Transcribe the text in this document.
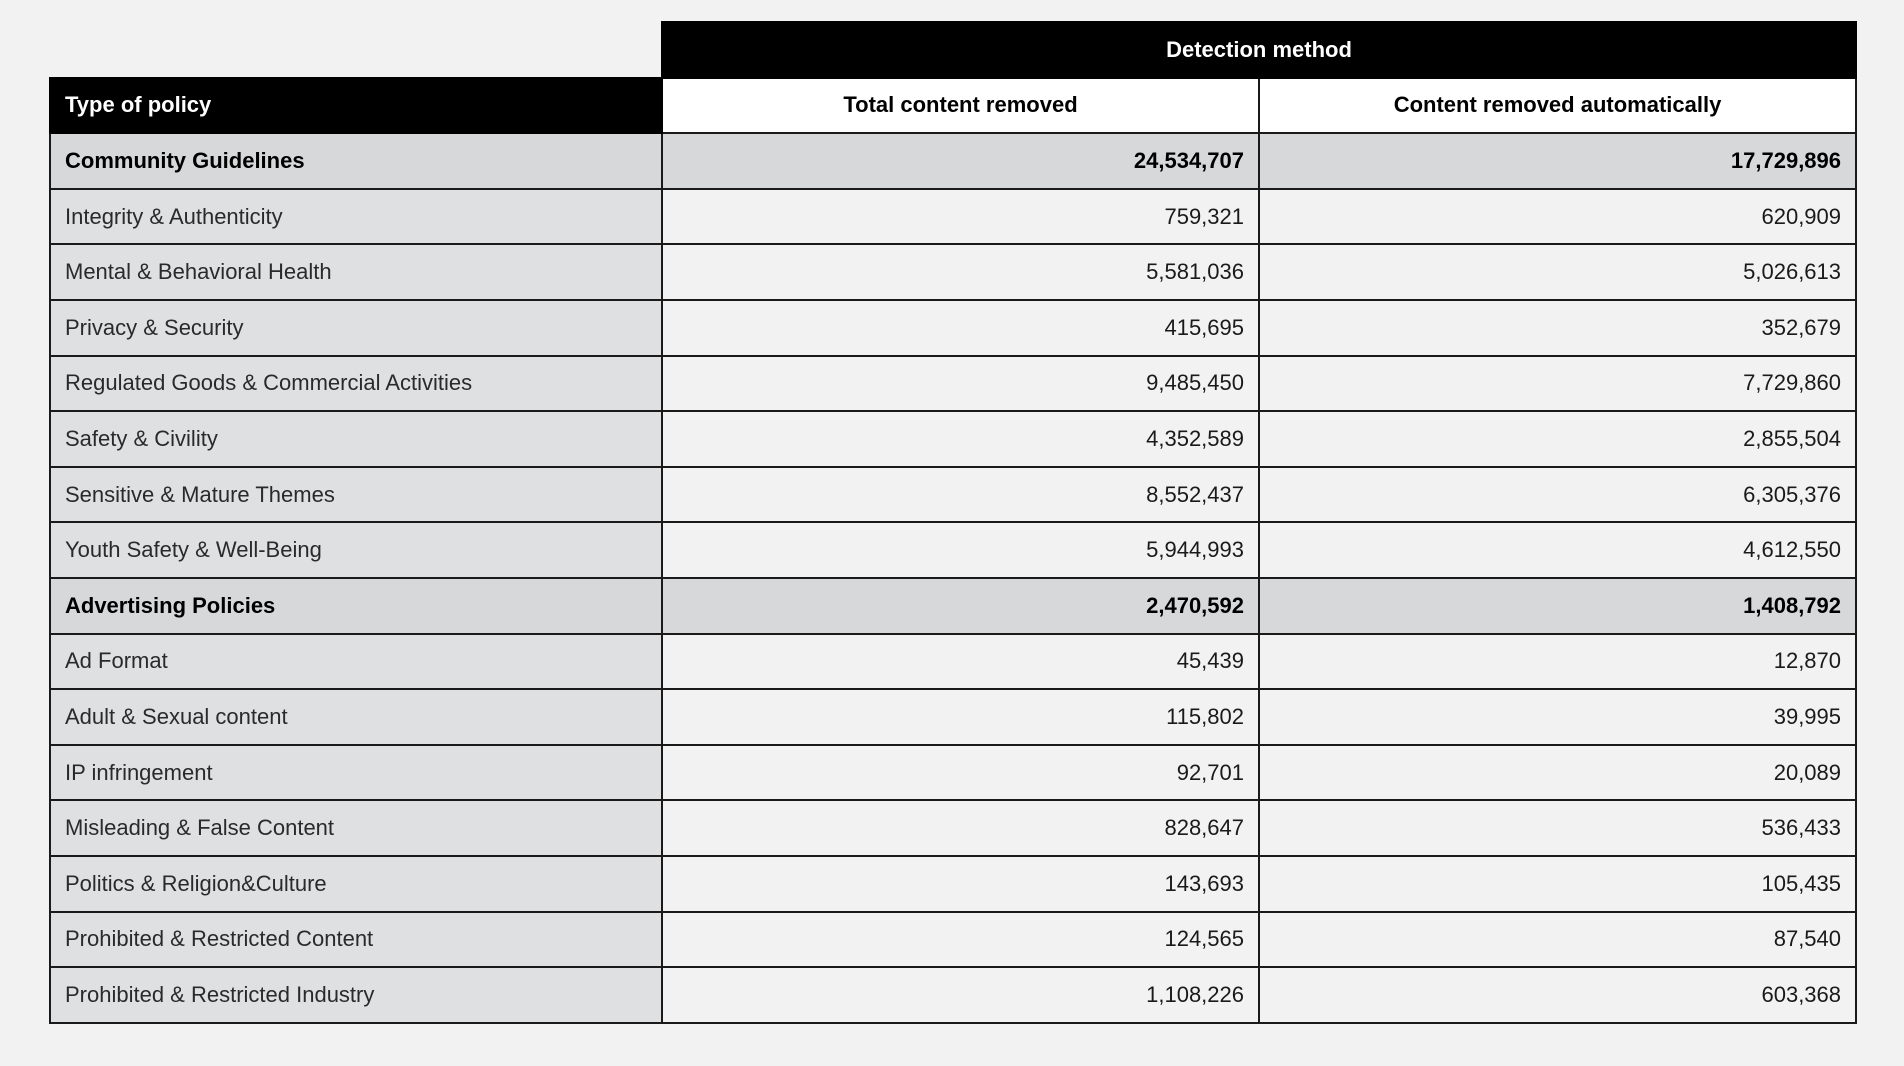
	Detection method	
Type of policy	Total content removed	Content removed automatically
Community Guidelines	24,534,707	17,729,896
Integrity & Authenticity	759,321	620,909
Mental & Behavioral Health	5,581,036	5,026,613
Privacy & Security	415,695	352,679
Regulated Goods & Commercial Activities	9,485,450	7,729,860
Safety & Civility	4,352,589	2,855,504
Sensitive & Mature Themes	8,552,437	6,305,376
Youth Safety & Well-Being	5,944,993	4,612,550
Advertising Policies	2,470,592	1,408,792
Ad Format	45,439	12,870
Adult & Sexual content	115,802	39,995
IP infringement	92,701	20,089
Misleading & False Content	828,647	536,433
Politics & Religion&Culture	143,693	105,435
Prohibited & Restricted Content	124,565	87,540
Prohibited & Restricted Industry	1,108,226	603,368
